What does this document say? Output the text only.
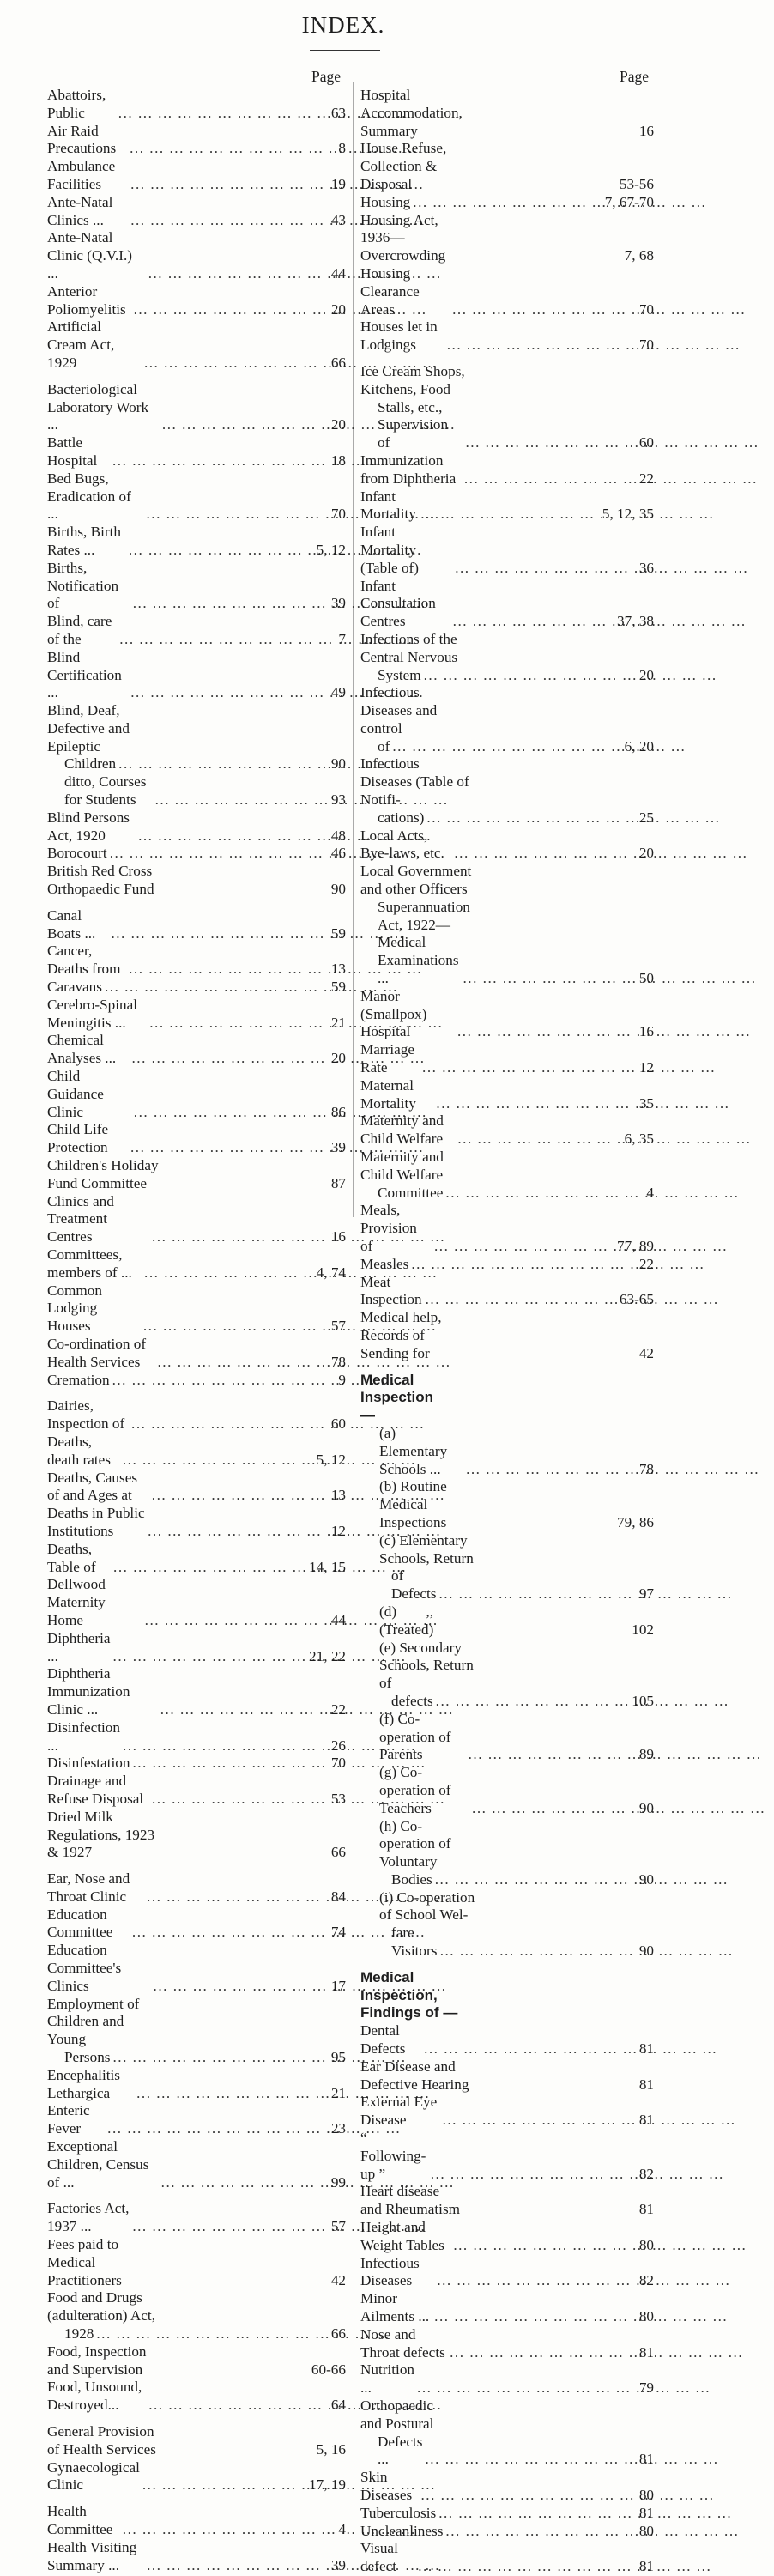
INDEX.
Page
Abattoirs, Public ... .	63
Air Raid Precautions ... .	8
Ambulance Facilities ... .	19
Ante-Natal Clinics ... ... .	43
Ante-Natal Clinic (Q.V.I.) ... ... .	44
Anterior Poliomyelitis ... .	20
Artificial Cream Act, 1929 ... .	66
Bacteriological Laboratory Work ... ... .	20
Battle Hospital ... .	18
Bed Bugs, Eradication of ... ... .	70
Births, Birth Rates ... ... .	5, 12
Births, Notification of ... .	39
Blind, care of the ... .	7
Blind Certification ... ... .	49
Blind, Deaf, Defective and Epileptic
Children ... .	90
ditto, Courses for Students ... .	93
Blind Persons Act, 1920 ... .	48
Borocourt ... .	46
British Red Cross Orthopaedic Fund	90
Canal Boats ... ... .	59
Cancer, Deaths from ... .	13
Caravans ... .	59
Cerebro-Spinal Meningitis ... ... .	21
Chemical Analyses ... ... .	20
Child Guidance Clinic ... .	86
Child Life Protection ... .	39
Children's Holiday Fund Committee	87
Clinics and Treatment Centres ... .	16
Committees, members of ... ... .	4, 74
Common Lodging Houses ... .	57
Co-ordination of Health Services ... .	78
Cremation ... .	9
Dairies, Inspection of ... .	60
Deaths, death rates ... .	5, 12
Deaths, Causes of and Ages at ... .	13
Deaths in Public Institutions ... .	12
Deaths, Table of ... .	14, 15
Dellwood Maternity Home ... .	44
Diphtheria ... ... .	21, 22
Diphtheria Immunization Clinic ... ... .	22
Disinfection ... ... .	26
Disinfestation ... .	70
Drainage and Refuse Disposal ... .	53
Dried Milk Regulations, 1923 & 1927	66
Ear, Nose and Throat Clinic ... .	84
Education Committee ... .	74
Education Committee's Clinics ... .	17
Employment of Children and Young
Persons ... .	95
Encephalitis Lethargica ... .	21
Enteric Fever ... .	23
Exceptional Children, Census of ... ... .	99
Factories Act, 1937 ... ... .	57
Fees paid to Medical Practitioners	42
Food and Drugs (adulteration) Act,
1928 ... .	66
Food, Inspection and Supervision	60-66
Food, Unsound, Destroyed... ... .	64
General Provision of Health Services	5, 16
Gynaecological Clinic ... .	17, 19
Health Committee ... .	4
Health Visiting Summary ... ... .	39
Page
Hospital Accommodation, Summary	16
House Refuse, Collection & Disposal	53-56
Housing ... .	7, 67-70
Housing Act, 1936—Overcrowding	7, 68
Housing Clearance Areas ... .	70
Houses let in Lodgings ... .	70
Ice Cream Shops, Kitchens, Food
Stalls, etc., Supervision of ... .	60
Immunization from Diphtheria ... .	22
Infant Mortality ... .	5, 12, 35
Infant Mortality (Table of) ... .	36
Infant Consultation Centres ... .	37, 38
Infections of the Central Nervous
System ... .	20
Infectious Diseases and control
of ... .	6, 20
Infectious Diseases (Table of Notifi-
cations) ... .	25
Local Acts, Bye-laws, etc. ... .	20
Local Government and other Officers
Superannuation Act, 1922—
Medical Examinations ... ... .	50
Manor (Smallpox) Hospital ... .	16
Marriage Rate ... .	12
Maternal Mortality ... .	35
Maternity and Child Welfare ... .	6, 35
Maternity and Child Welfare
Committee ... .	4
Meals, Provision of ... .	77, 89
Measles ... .	22
Meat Inspection ... .	63-65
Medical help, Records of Sending for	42
Medical Inspection —
(a) Elementary Schools ... ... .	78
(b) Routine Medical Inspections	79, 86
(c) Elementary Schools, Return
of Defects ... .	97
(d)        ,,     (Treated)	102
(e) Secondary Schools, Return of
defects ... .	105
(f) Co-operation of Parents ... .	89
(g) Co-operation of Teachers ... .	90
(h) Co-operation of Voluntary
Bodies ... .	90
(i) Co-operation of School Wel-
fare Visitors ... .	90
Medical Inspection, Findings of —
Dental Defects ... .	81
Ear Disease and Defective Hearing	81
External Eye Disease ... .	81
“ Following-up ” ... .	82
Heart disease and Rheumatism	81
Height and Weight Tables ... .	80
Infectious Diseases ... .	82
Minor Ailments ... ... .	80
Nose and Throat defects ... .	81
Nutrition ... ... .	79
Orthopaedic and Postural
Defects ... ... .	81
Skin Diseases ... .	80
Tuberculosis ... .	81
Uncleanliness ... .	80
Visual defect ... .	81
